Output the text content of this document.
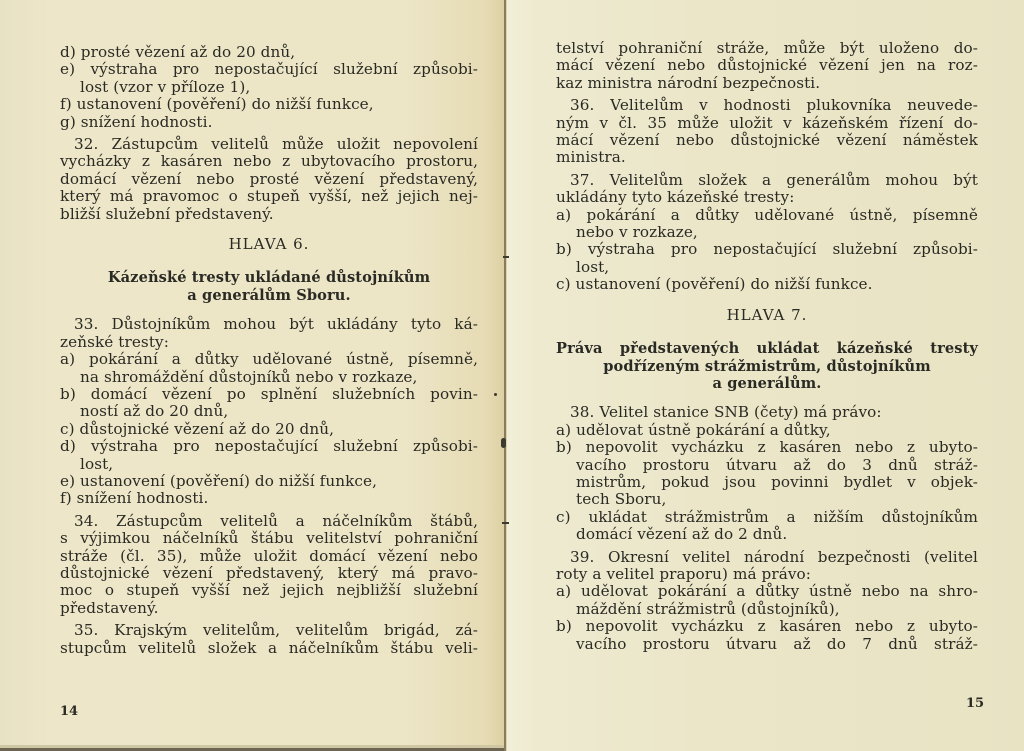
d) prosté vězení až do 20 dnů,
e) výstraha pro nepostačující služební způsobi-
lost (vzor v příloze 1),
f) ustanovení (pověření) do nižší funkce,
g) snížení hodnosti.
32. Zástupcům velitelů může uložit nepovolení
vycházky z kasáren nebo z ubytovacího prostoru,
domácí vězení nebo prosté vězení představený,
který má pravomoc o stupeň vyšší, než jejich nej-
bližší služební představený.
HLAVA 6.
Kázeňské tresty ukládané důstojníkům
a generálům Sboru.
33. Důstojníkům mohou být ukládány tyto ká-
zeňské tresty:
a) pokárání a důtky udělované ústně, písemně,
na shromáždění důstojníků nebo v rozkaze,
b) domácí vězení po splnění služebních povin-
ností až do 20 dnů,
c) důstojnické vězení až do 20 dnů,
d) výstraha pro nepostačující služební způsobi-
lost,
e) ustanovení (pověření) do nižší funkce,
f) snížení hodnosti.
34. Zástupcům velitelů a náčelníkům štábů,
s výjimkou náčelníků štábu velitelství pohraniční
stráže (čl. 35), může uložit domácí vězení nebo
důstojnické vězení představený, který má pravo-
moc o stupeň vyšší než jejich nejbližší služební
představený.
35. Krajským velitelům, velitelům brigád, zá-
stupcům velitelů složek a náčelníkům štábu veli-
14
telství pohraniční stráže, může být uloženo do-
mácí vězení nebo důstojnické vězení jen na roz-
kaz ministra národní bezpečnosti.
36. Velitelům v hodnosti plukovníka neuvede-
ným v čl. 35 může uložit v kázeňském řízení do-
mácí vězení nebo důstojnické vězení náměstek
ministra.
37. Velitelům složek a generálům mohou být
ukládány tyto kázeňské tresty:
a) pokárání a důtky udělované ústně, písemně
nebo v rozkaze,
b) výstraha pro nepostačující služební způsobi-
lost,
c) ustanovení (pověření) do nižší funkce.
HLAVA 7.
Práva představených ukládat kázeňské tresty
podřízeným strážmistrům, důstojníkům
a generálům.
38. Velitel stanice SNB (čety) má právo:
a) udělovat ústně pokárání a důtky,
b) nepovolit vycházku z kasáren nebo z ubyto-
vacího prostoru útvaru až do 3 dnů stráž-
mistrům, pokud jsou povinni bydlet v objek-
tech Sboru,
c) ukládat strážmistrům a nižším důstojníkům
domácí vězení až do 2 dnů.
39. Okresní velitel národní bezpečnosti (velitel
roty a velitel praporu) má právo:
a) udělovat pokárání a důtky ústně nebo na shro-
máždění strážmistrů (důstojníků),
b) nepovolit vycházku z kasáren nebo z ubyto-
vacího prostoru útvaru až do 7 dnů stráž-
15
